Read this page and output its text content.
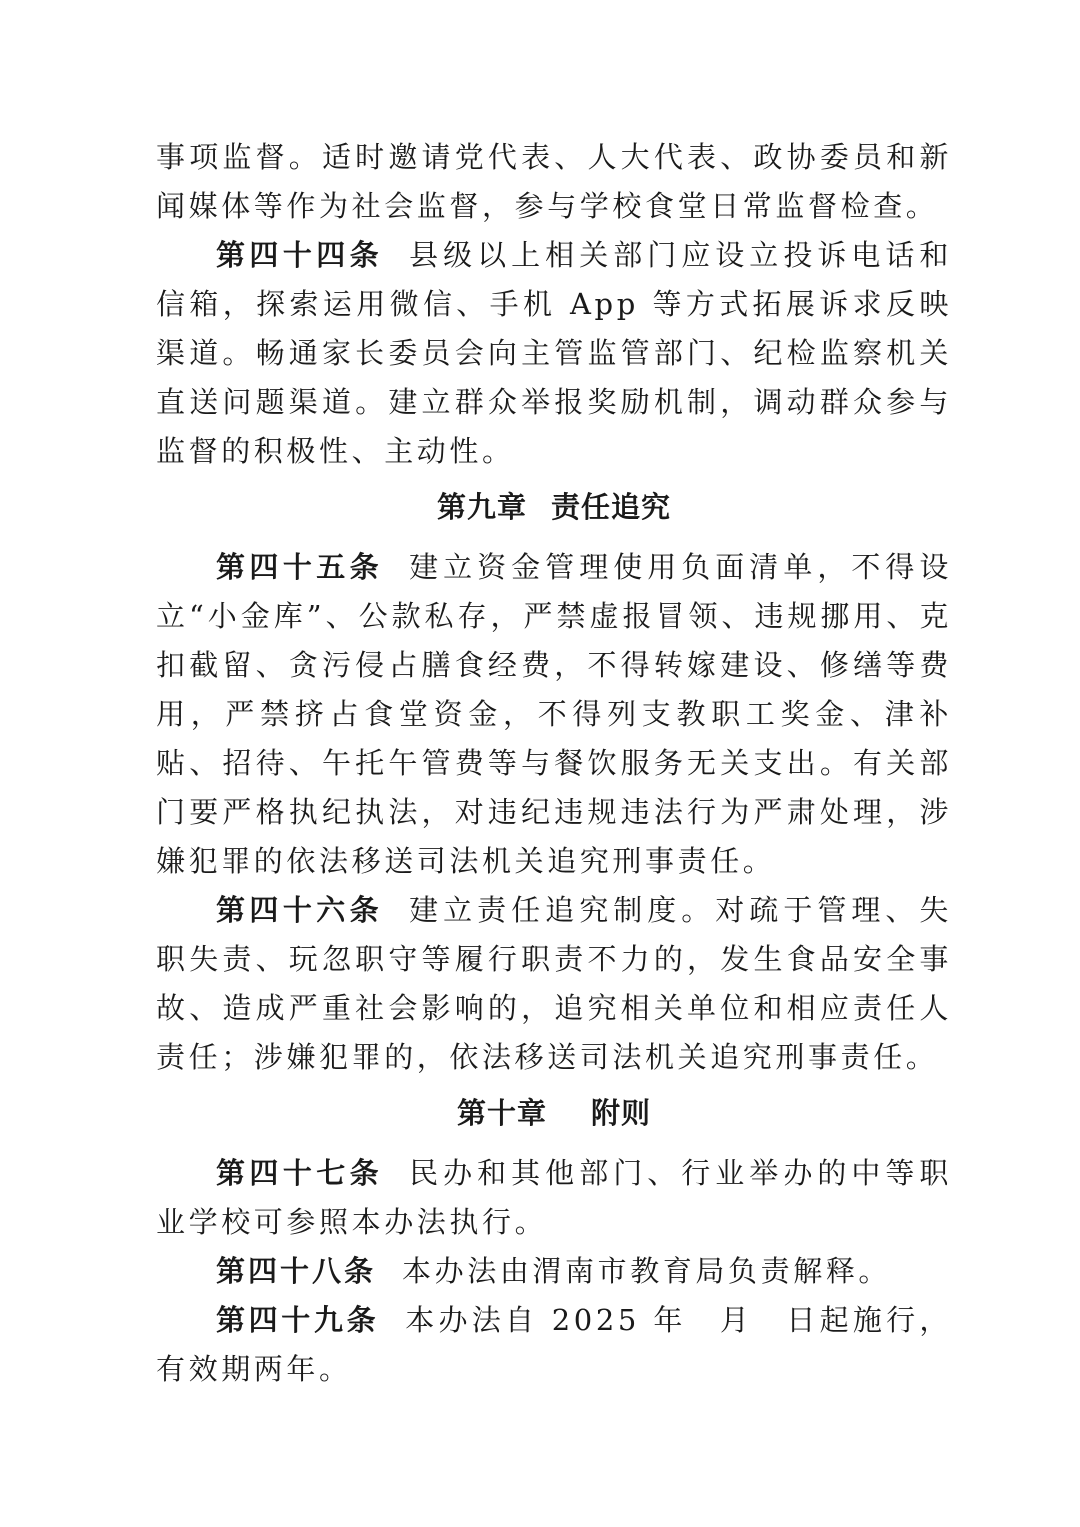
事项监督。适时邀请党代表、人大代表、政协委员和新闻媒体等作为社会监督，参与学校食堂日常监督检查。

第四十四条 县级以上相关部门应设立投诉电话和信箱，探索运用微信、手机 App 等方式拓展诉求反映渠道。畅通家长委员会向主管监管部门、纪检监察机关直送问题渠道。建立群众举报奖励机制，调动群众参与监督的积极性、主动性。

第九章 责任追究

第四十五条 建立资金管理使用负面清单，不得设立“小金库”、公款私存，严禁虚报冒领、违规挪用、克扣截留、贪污侵占膳食经费，不得转嫁建设、修缮等费用，严禁挤占食堂资金，不得列支教职工奖金、津补贴、招待、午托午管费等与餐饮服务无关支出。有关部门要严格执纪执法，对违纪违规违法行为严肃处理，涉嫌犯罪的依法移送司法机关追究刑事责任。

第四十六条 建立责任追究制度。对疏于管理、失职失责、玩忽职守等履行职责不力的，发生食品安全事故、造成严重社会影响的，追究相关单位和相应责任人责任；涉嫌犯罪的，依法移送司法机关追究刑事责任。

第十章 附则

第四十七条 民办和其他部门、行业举办的中等职业学校可参照本办法执行。

第四十八条 本办法由渭南市教育局负责解释。

第四十九条 本办法自 2025 年　月　日起施行，有效期两年。
